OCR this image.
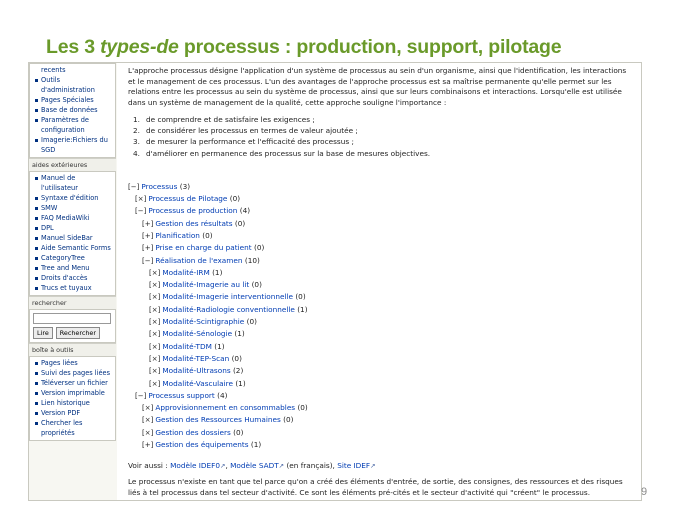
Les 3 types-de processus : production, support, pilotage
recents
Outils
d'administration
Pages Spéciales
Base de données
Paramètres de
configuration
Imagerie:Fichiers du
SGD
aides extérieures
Manuel de l'utilisateur
Syntaxe d'édition
SMW
FAQ MediaWiki
DPL
Manuel SideBar
Aide Semantic Forms
CategoryTree
Tree and Menu
Droits d'accès
Trucs et tuyaux
rechercher
Lire Rechercher
boîte à outils
Pages liées
Suivi des pages liées
Téléverser un fichier
Version imprimable
Lien historique
Version PDF
Chercher les
propriétés

L'approche processus désigne l'application d'un système de processus au sein d'un organisme, ainsi que l'identification, les interactions et le management de ces processus. L'un des avantages de l'approche processus est sa maîtrise permanente qu'elle permet sur les relations entre les processus au sein du système de processus, ainsi que sur leurs combinaisons et interactions. Lorsqu'elle est utilisée dans un système de management de la qualité, cette approche souligne l'importance :

1. de comprendre et de satisfaire les exigences ;
2. de considérer les processus en termes de valeur ajoutée ;
3. de mesurer la performance et l'efficacité des processus ;
4. d'améliorer en permanence des processus sur la base de mesures objectives.
[−] Processus (3)
[×] Processus de Pilotage (0)
[−] Processus de production (4)
[+] Gestion des résultats (0)
[+] Planification (0)
[+] Prise en charge du patient (0)
[−] Réalisation de l'examen (10)
[×] Modalité-IRM (1)
[×] Modalité-Imagerie au lit (0)
[×] Modalité-Imagerie interventionnelle (0)
[×] Modalité-Radiologie conventionnelle (1)
[×] Modalité-Scintigraphie (0)
[×] Modalité-Sénologie (1)
[×] Modalité-TDM (1)
[×] Modalité-TEP-Scan (0)
[×] Modalité-Ultrasons (2)
[×] Modalité-Vasculaire (1)
[−] Processus support (4)
[×] Approvisionnement en consommables (0)
[×] Gestion des Ressources Humaines (0)
[×] Gestion des dossiers (0)
[+] Gestion des équipements (1)
Voir aussi : Modèle IDEF0↗, Modèle SADT↗ (en français), Site IDEF↗

Le processus n'existe en tant que tel parce qu'on a créé des éléments d'entrée, de sortie, des consignes, des ressources et des risques liés à tel processus dans tel secteur d'activité. Ce sont les éléments pré-cités et le secteur d'activité qui "créent" le processus.	9
